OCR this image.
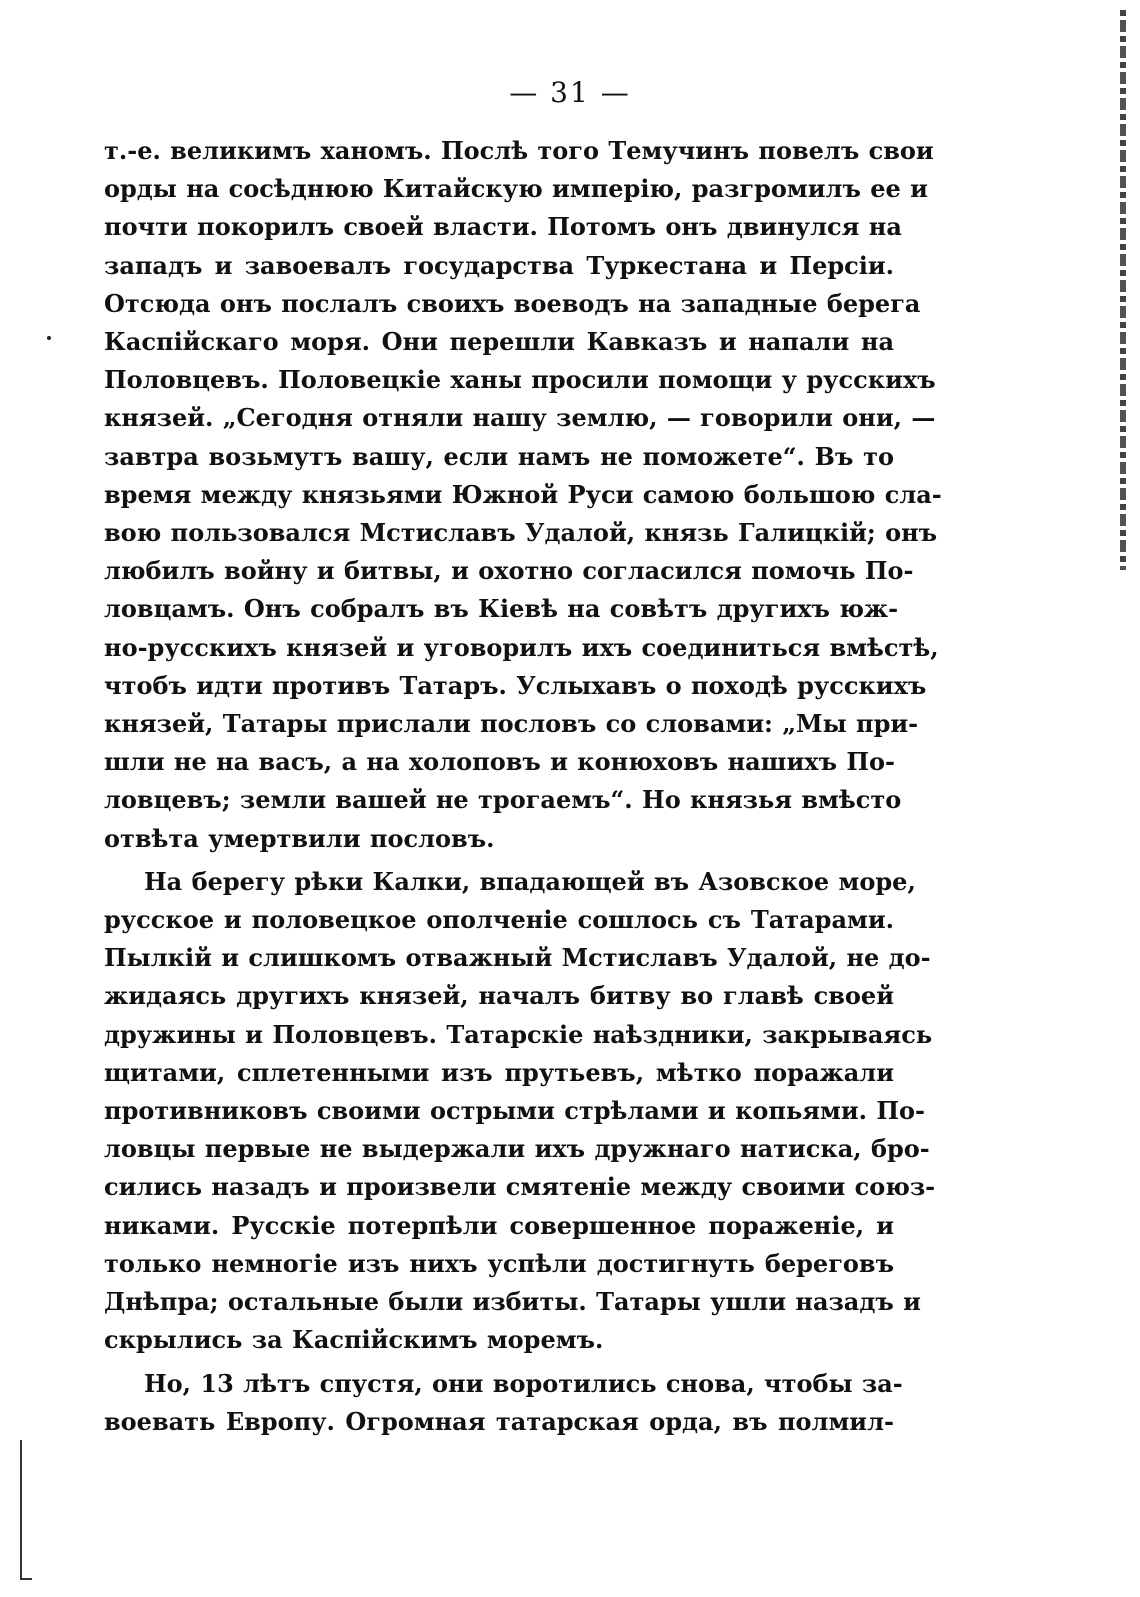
— 31 —
т.-е. великимъ ханомъ. Послѣ того Темучинъ повелъ свои
орды на сосѣднюю Китайскую имперію, разгромилъ ее и
почти покорилъ своей власти. Потомъ онъ двинулся на
западъ и завоевалъ государства Туркестана и Персіи.
Отсюда онъ послалъ своихъ воеводъ на западные берега
Каспійскаго моря. Они перешли Кавказъ и напали на
Половцевъ. Половецкіе ханы просили помощи у русскихъ
князей. „Сегодня отняли нашу землю, — говорили они, —
завтра возьмутъ вашу, если намъ не поможете“. Въ то
время между князьями Южной Руси самою большою сла-
вою пользовался Мстиславъ Удалой, князь Галицкій; онъ
любилъ войну и битвы, и охотно согласился помочь По-
ловцамъ. Онъ собралъ въ Кіевѣ на совѣтъ другихъ юж-
но-русскихъ князей и уговорилъ ихъ соединиться вмѣстѣ,
чтобъ идти противъ Татаръ. Услыхавъ о походѣ русскихъ
князей, Татары прислали пословъ со словами: „Мы при-
шли не на васъ, а на холоповъ и конюховъ нашихъ По-
ловцевъ; земли вашей не трогаемъ“. Но князья вмѣсто
отвѣта умертвили пословъ.
На берегу рѣки Калки, впадающей въ Азовское море,
русское и половецкое ополченіе сошлось съ Татарами.
Пылкій и слишкомъ отважный Мстиславъ Удалой, не до-
жидаясь другихъ князей, началъ битву во главѣ своей
дружины и Половцевъ. Татарскіе наѣздники, закрываясь
щитами, сплетенными изъ прутьевъ, мѣтко поражали
противниковъ своими острыми стрѣлами и копьями. По-
ловцы первые не выдержали ихъ дружнаго натиска, бро-
сились назадъ и произвели смятеніе между своими союз-
никами. Русскіе потерпѣли совершенное пораженіе, и
только немногіе изъ нихъ успѣли достигнуть береговъ
Днѣпра; остальные были избиты. Татары ушли назадъ и
скрылись за Каспійскимъ моремъ.
Но, 13 лѣтъ спустя, они воротились снова, чтобы за-
воевать Европу. Огромная татарская орда, въ полмил-
